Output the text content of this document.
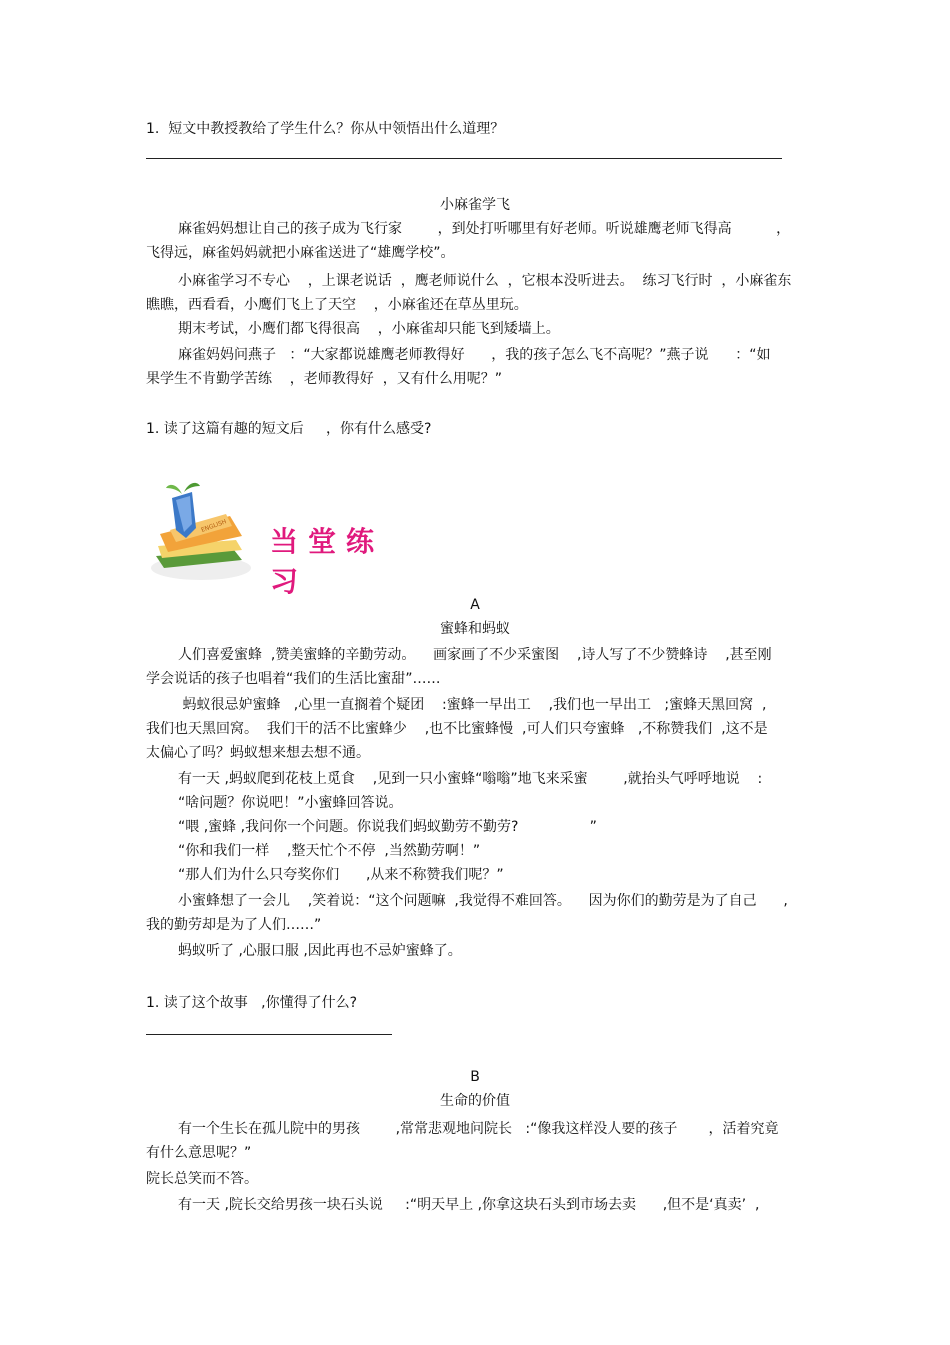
1.  短文中教授教给了学生什么？你从中领悟出什么道理？
小麻雀学飞
麻雀妈妈想让自己的孩子成为飞行家        ，到处打听哪里有好老师。听说雄鹰老师飞得高          ，
飞得远，麻雀妈妈就把小麻雀送进了“雄鹰学校”。
小麻雀学习不专心    ，上课老说话  ，鹰老师说什么  ，它根本没听进去。  练习飞行时  ，小麻雀东
瞧瞧，西看看，小鹰们飞上了天空    ，小麻雀还在草丛里玩。
期末考试，小鹰们都飞得很高    ，小麻雀却只能飞到矮墙上。
麻雀妈妈问燕子   ：“大家都说雄鹰老师教得好      ，我的孩子怎么飞不高呢？”燕子说      ：“如
果学生不肯勤学苦练    ，老师教得好  ，又有什么用呢？”
1. 读了这篇有趣的短文后     ，你有什么感受?
ENGLISH 当堂练习
A
蜜蜂和蚂蚁
人们喜爱蜜蜂  ,赞美蜜蜂的辛勤劳动。    画家画了不少采蜜图    ,诗人写了不少赞蜂诗    ,甚至刚
学会说话的孩子也唱着“我们的生活比蜜甜”……
蚂蚁很忌妒蜜蜂   ,心里一直搁着个疑团    :蜜蜂一早出工    ,我们也一早出工   ;蜜蜂天黑回窝  ,
我们也天黑回窝。  我们干的活不比蜜蜂少    ,也不比蜜蜂慢  ,可人们只夸蜜蜂   ,不称赞我们  ,这不是
太偏心了吗？蚂蚁想来想去想不通。
有一天 ,蚂蚁爬到花枝上觅食    ,见到一只小蜜蜂“嗡嗡”地飞来采蜜        ,就抬头气呼呼地说    :
“啥问题？你说吧！”小蜜蜂回答说。
“喂 ,蜜蜂 ,我问你一个问题。你说我们蚂蚁勤劳不勤劳?                ”
“你和我们一样    ,整天忙个不停  ,当然勤劳啊！”
“那人们为什么只夸奖你们      ,从来不称赞我们呢？”
小蜜蜂想了一会儿    ,笑着说：“这个问题嘛  ,我觉得不难回答。    因为你们的勤劳是为了自己      ,
我的勤劳却是为了人们……”
蚂蚁听了 ,心服口服 ,因此再也不忌妒蜜蜂了。
1. 读了这个故事   ,你懂得了什么?
B
生命的价值
有一个生长在孤儿院中的男孩        ,常常悲观地问院长   :“像我这样没人要的孩子       ，活着究竟
有什么意思呢？”
院长总笑而不答。
有一天 ,院长交给男孩一块石头说     :“明天早上 ,你拿这块石头到市场去卖      ,但不是‘真卖’  ,
